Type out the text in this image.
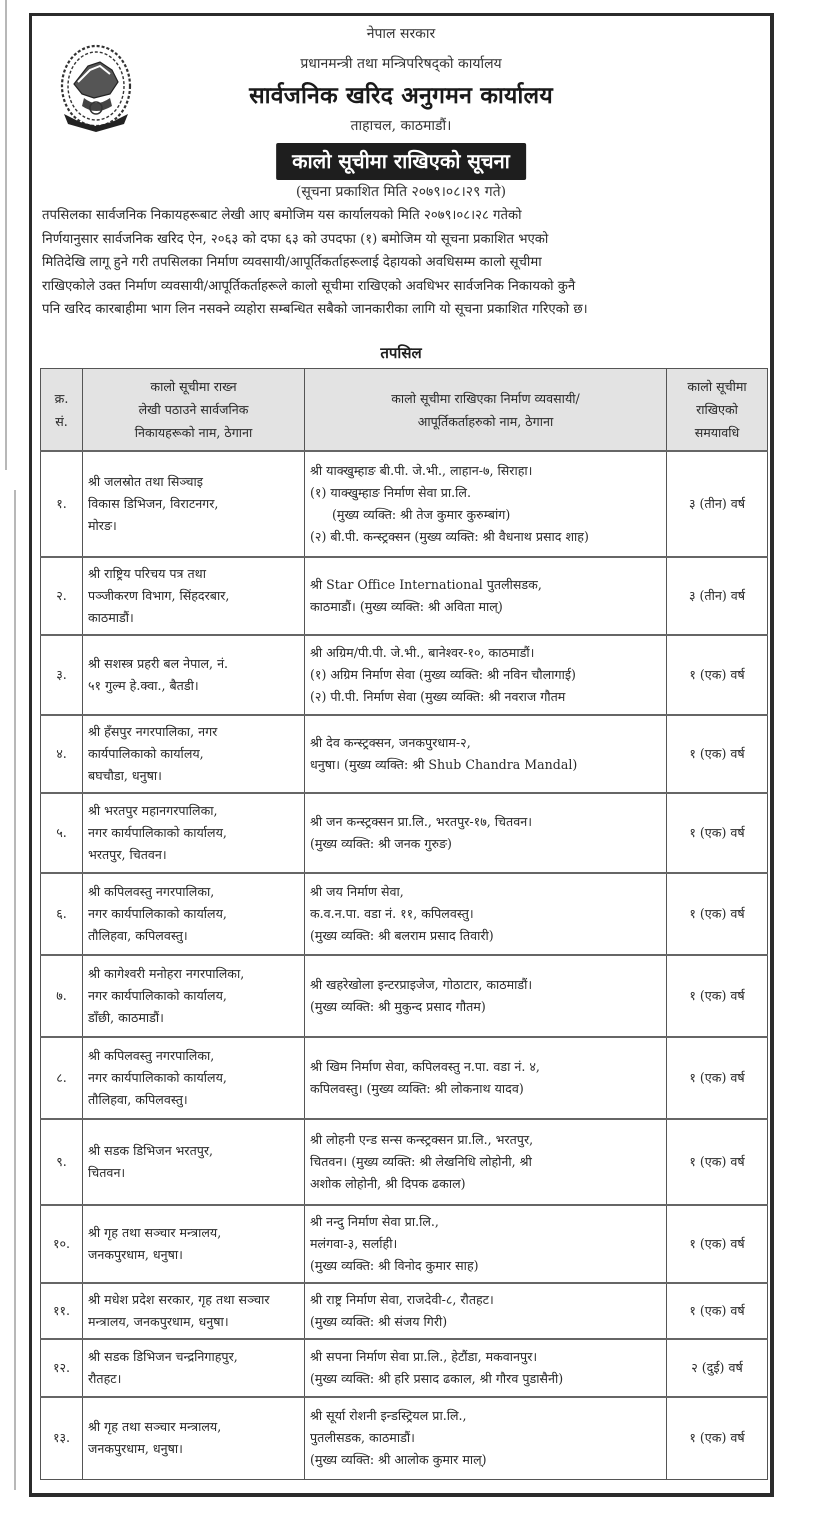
नेपाल सरकार
प्रधानमन्त्री तथा मन्त्रिपरिषद्को कार्यालय
सार्वजनिक खरिद अनुगमन कार्यालय
ताहाचल, काठमाडौं।
कालो सूचीमा राखिएको सूचना
(सूचना प्रकाशित मिति २०७९।०८।२९ गते)
तपसिलका सार्वजनिक निकायहरूबाट लेखी आए बमोजिम यस कार्यालयको मिति २०७९।०८।२८ गतेको
निर्णयानुसार सार्वजनिक खरिद ऐन, २०६३ को दफा ६३ को उपदफा (१) बमोजिम यो सूचना प्रकाशित भएको
मितिदेखि लागू हुने गरी तपसिलका निर्माण व्यवसायी/आपूर्तिकर्ताहरूलाई देहायको अवधिसम्म कालो सूचीमा
राखिएकोले उक्त निर्माण व्यवसायी/आपूर्तिकर्ताहरूले कालो सूचीमा राखिएको अवधिभर सार्वजनिक निकायको कुनै
पनि खरिद कारबाहीमा भाग लिन नसक्ने व्यहोरा सम्बन्धित सबैको जानकारीका लागि यो सूचना प्रकाशित गरिएको छ।
तपसिल
क्र.
सं.	कालो सूचीमा राख्न
लेखी पठाउने सार्वजनिक
निकायहरूको नाम, ठेगाना	कालो सूचीमा राखिएका निर्माण व्यवसायी/
आपूर्तिकर्ताहरुको नाम, ठेगाना	कालो सूचीमा
राखिएको
समयावधि

१.	श्री जलस्रोत तथा सिञ्चाइ
विकास डिभिजन, विराटनगर,
मोरङ।	श्री याक्खुम्हाङ बी.पी. जे.भी., लाहान-७, सिराहा।
(१) याक्खुम्हाङ निर्माण सेवा प्रा.लि.
(मुख्य व्यक्ति: श्री तेज कुमार कुरुम्बांग)
(२) बी.पी. कन्स्ट्रक्सन (मुख्य व्यक्ति: श्री वैधनाथ प्रसाद शाह)	३ (तीन) वर्ष
२.	श्री राष्ट्रिय परिचय पत्र तथा
पञ्जीकरण विभाग, सिंहदरबार,
काठमाडौं।	श्री Star Office International पुतलीसडक,
काठमाडौं। (मुख्य व्यक्ति: श्री अविता माल्)	३ (तीन) वर्ष
३.	श्री सशस्त्र प्रहरी बल नेपाल, नं.
५१ गुल्म हे.क्वा., बैतडी।	श्री अग्रिम/पी.पी. जे.भी., बानेश्वर-१०, काठमाडौं।
(१) अग्रिम निर्माण सेवा (मुख्य व्यक्ति: श्री नविन चौलागाई)
(२) पी.पी. निर्माण सेवा (मुख्य व्यक्ति: श्री नवराज गौतम	१ (एक) वर्ष
४.	श्री हँसपुर नगरपालिका, नगर
कार्यपालिकाको कार्यालय,
बघचौडा, धनुषा।	श्री देव कन्स्ट्रक्सन, जनकपुरधाम-२,
धनुषा। (मुख्य व्यक्ति: श्री Shub Chandra Mandal)	१ (एक) वर्ष
५.	श्री भरतपुर महानगरपालिका,
नगर कार्यपालिकाको कार्यालय,
भरतपुर, चितवन।	श्री जन कन्स्ट्रक्सन प्रा.लि., भरतपुर-१७, चितवन।
(मुख्य व्यक्ति: श्री जनक गुरुङ)	१ (एक) वर्ष
६.	श्री कपिलवस्तु नगरपालिका,
नगर कार्यपालिकाको कार्यालय,
तौलिहवा, कपिलवस्तु।	श्री जय निर्माण सेवा,
क.व.न.पा. वडा नं. ११, कपिलवस्तु।
(मुख्य व्यक्ति: श्री बलराम प्रसाद तिवारी)	१ (एक) वर्ष
७.	श्री कागेश्वरी मनोहरा नगरपालिका,
नगर कार्यपालिकाको कार्यालय,
डाँछी, काठमाडौं।	श्री खहरेखोला इन्टरप्राइजेज, गोठाटार, काठमाडौं।
(मुख्य व्यक्ति: श्री मुकुन्द प्रसाद गौतम)	१ (एक) वर्ष
८.	श्री कपिलवस्तु नगरपालिका,
नगर कार्यपालिकाको कार्यालय,
तौलिहवा, कपिलवस्तु।	श्री खिम निर्माण सेवा, कपिलवस्तु न.पा. वडा नं. ४,
कपिलवस्तु। (मुख्य व्यक्ति: श्री लोकनाथ यादव)	१ (एक) वर्ष
९.	श्री सडक डिभिजन भरतपुर,
चितवन।	श्री लोहनी एन्ड सन्स कन्स्ट्रक्सन प्रा.लि., भरतपुर,
चितवन। (मुख्य व्यक्ति: श्री लेखनिधि लोहोनी, श्री
अशोक लोहोनी, श्री दिपक ढकाल)	१ (एक) वर्ष
१०.	श्री गृह तथा सञ्चार मन्त्रालय,
जनकपुरधाम, धनुषा।	श्री नन्दु निर्माण सेवा प्रा.लि.,
मलंगवा-३, सर्लाही।
(मुख्य व्यक्ति: श्री विनोद कुमार साह)	१ (एक) वर्ष
११.	श्री मधेश प्रदेश सरकार, गृह तथा सञ्चार
मन्त्रालय, जनकपुरधाम, धनुषा।	श्री राष्ट्र निर्माण सेवा, राजदेवी-८, रौतहट।
(मुख्य व्यक्ति: श्री संजय गिरी)	१ (एक) वर्ष
१२.	श्री सडक डिभिजन चन्द्रनिगाहपुर,
रौतहट।	श्री सपना निर्माण सेवा प्रा.लि., हेटौंडा, मकवानपुर।
(मुख्य व्यक्ति: श्री हरि प्रसाद ढकाल, श्री गौरव पुडासैनी)	२ (दुई) वर्ष
१३.	श्री गृह तथा सञ्चार मन्त्रालय,
जनकपुरधाम, धनुषा।	श्री सूर्या रोशनी इन्डस्ट्रियल प्रा.लि.,
पुतलीसडक, काठमाडौं।
(मुख्य व्यक्ति: श्री आलोक कुमार माल्)	१ (एक) वर्ष
